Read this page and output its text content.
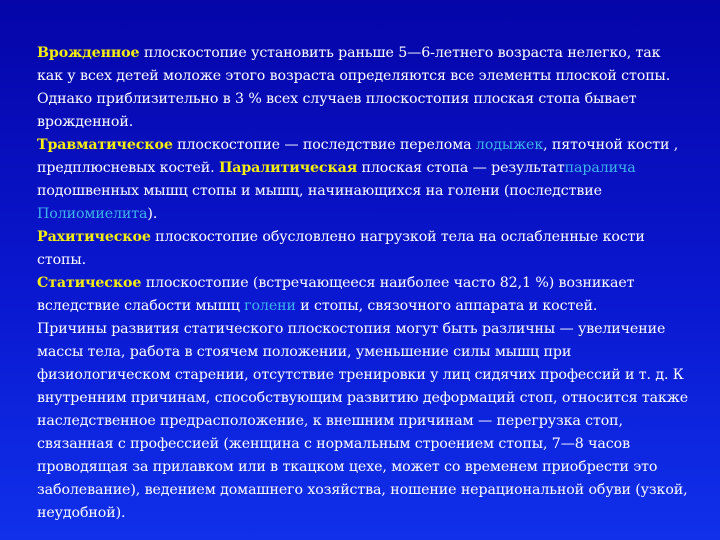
Врожденное плоскостопие установить раньше 5—6-летнего возраста нелегко, так как у всех детей моложе этого возраста определяются все элементы плоской стопы. Однако приблизительно в 3 % всех случаев плоскостопия плоская стопа бывает врожденной.

Травматическое плоскостопие — последствие перелома лодыжек, пяточной кости , предплюсневых костей. Паралитическая плоская стопа — результатпаралича подошвенных мышц стопы и мышц, начинающихся на голени (последствие Полиомиелита).

Рахитическое плоскостопие обусловлено нагрузкой тела на ослабленные кости стопы.

Статическое плоскостопие (встречающееся наиболее часто 82,1 %) возникает вследствие слабости мышц голени и стопы, связочного аппарата и костей.

Причины развития статического плоскостопия могут быть различны — увеличение массы тела, работа в стоячем положении, уменьшение силы мышц при физиологическом старении, отсутствие тренировки у лиц сидячих профессий и т. д. К внутренним причинам, способствующим развитию деформаций стоп, относится также наследственное предрасположение, к внешним причинам — перегрузка стоп, связанная с профессией (женщина с нормальным строением стопы, 7—8 часов проводящая за прилавком или в ткацком цехе, может со временем приобрести это заболевание), ведением домашнего хозяйства, ношение нерациональной обуви (узкой, неудобной).
